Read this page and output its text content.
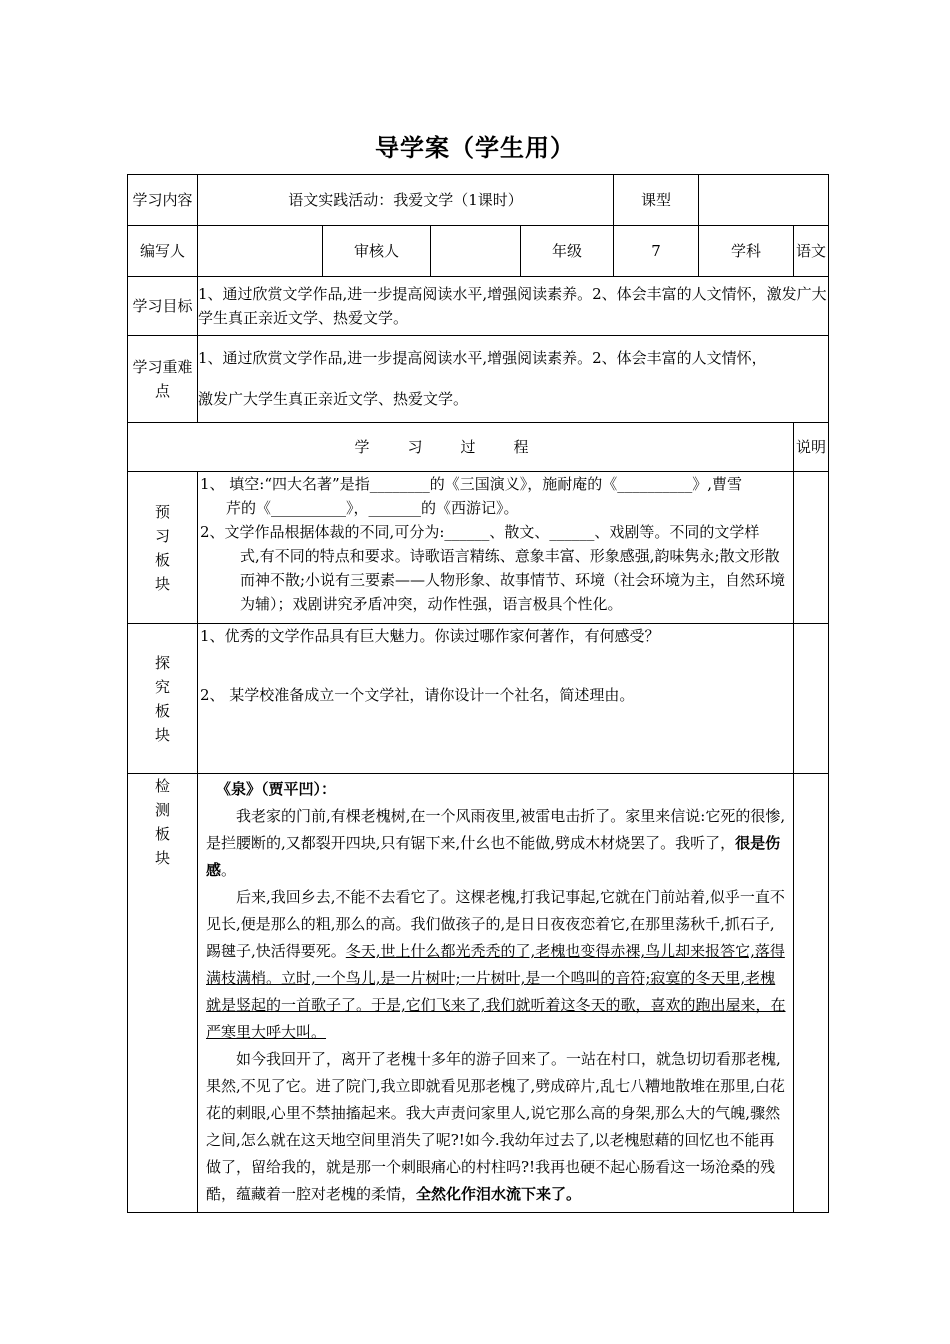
导学案（学生用）
学习内容	语文实践活动：我爱文学（1课时）				课型		
编写人		审核人		年级	7	学科	语文
学习目标	1、通过欣赏文学作品,进一步提高阅读水平,增强阅读素养。2、体会丰富的人文情怀，激发广大学生真正亲近文学、热爱文学。						
学习重难点	1、通过欣赏文学作品,进一步提高阅读水平,增强阅读素养。2、体会丰富的人文情怀，
激发广大学生真正亲近文学、热爱文学。						

学习过程							说明
预习板块	1、 填空:“四大名著”是指________的《三国演义》，施耐庵的《__________》,曹雪

芹的《__________》，_______的《西游记》。

2、文学作品根据体裁的不同,可分为:______、散文、______、戏剧等。不同的文学样

式,有不同的特点和要求。诗歌语言精练、意象丰富、形象感强,韵味隽永;散文形散而神不散;小说有三要素——人物形象、故事情节、环境（社会环境为主，自然环境为辅）；戏剧讲究矛盾冲突，动作性强，语言极具个性化。						

探究板块	1、优秀的文学作品具有巨大魅力。你读过哪作家何著作，有何感受？

2、 某学校准备成立一个文学社，请你设计一个社名，简述理由。						

检测板块	《泉》（贾平凹）：

我老家的门前,有棵老槐树,在一个风雨夜里,被雷电击折了。家里来信说:它死的很惨,是拦腰断的,又都裂开四块,只有锯下来,什幺也不能做,劈成木材烧罢了。我听了，很是伤感。

后来,我回乡去,不能不去看它了。这棵老槐,打我记事起,它就在门前站着,似乎一直不见长,便是那么的粗,那么的高。我们做孩子的,是日日夜夜恋着它,在那里荡秋千,抓石子,踢毽子,快活得要死。冬天,世上什么都光秃秃的了,老槐也变得赤裸,鸟儿却来报答它,落得满枝满梢。立时,一个鸟儿,是一片树叶;一片树叶,是一个鸣叫的音符;寂寞的冬天里,老槐就是竖起的一首歌子了。于是,它们飞来了,我们就听着这冬天的歌，喜欢的跑出屋来，在严寒里大呼大叫。

如今我回开了，离开了老槐十多年的游子回来了。一站在村口，就急切切看那老槐,果然,不见了它。进了院门,我立即就看见那老槐了,劈成碎片,乱七八糟地散堆在那里,白花花的刺眼,心里不禁抽搐起来。我大声责问家里人,说它那么高的身架,那么大的气魄,骤然之间,怎么就在这天地空间里消失了呢?!如今.我幼年过去了,以老槐慰藉的回忆也不能再做了，留给我的，就是那一个刺眼痛心的村柱吗?!我再也硬不起心肠看这一场沧桑的残酷，蕴藏着一腔对老槐的柔情，全然化作泪水流下来了。						
